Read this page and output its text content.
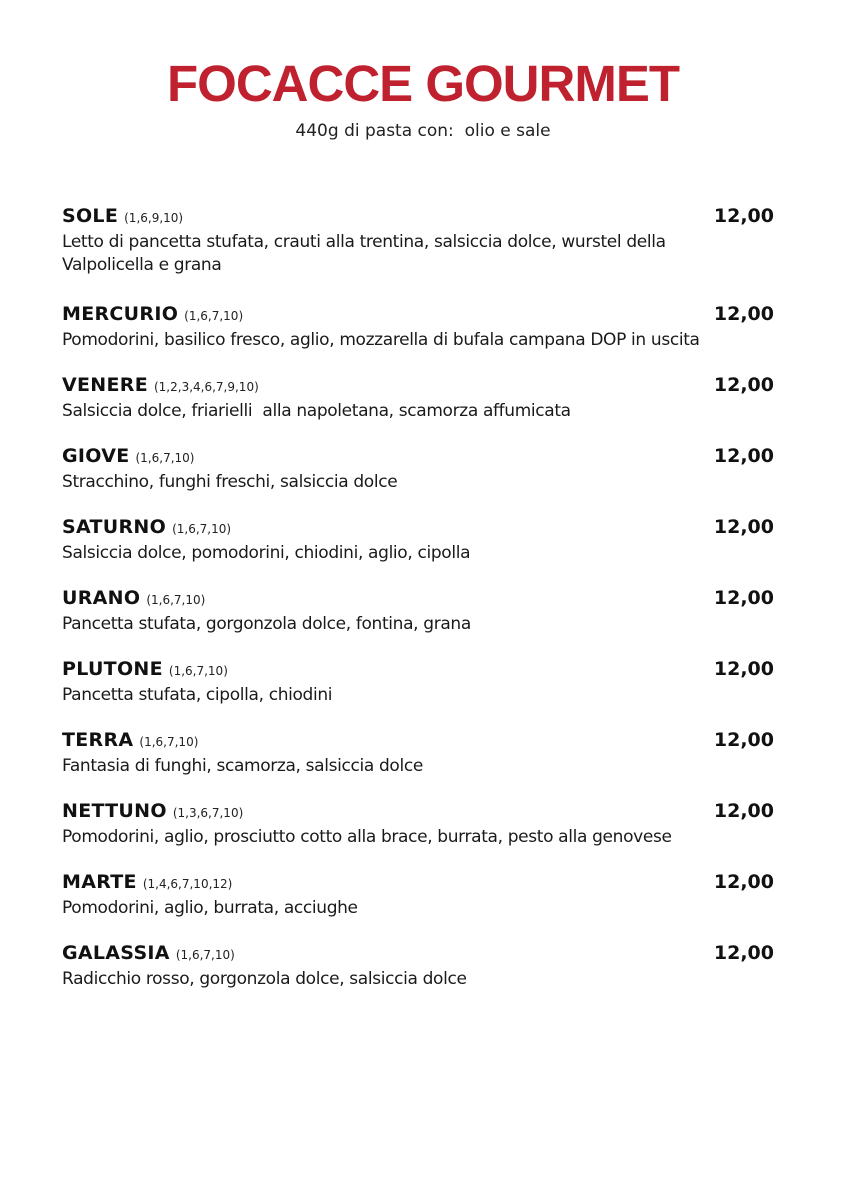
FOCACCE GOURMET
440g di pasta con:  olio e sale
SOLE (1,6,9,10)	12,00
Letto di pancetta stufata, crauti alla trentina, salsiccia dolce, wurstel della Valpolicella e grana
MERCURIO (1,6,7,10)	12,00
Pomodorini, basilico fresco, aglio, mozzarella di bufala campana DOP in uscita
VENERE (1,2,3,4,6,7,9,10)	12,00
Salsiccia dolce, friarielli  alla napoletana, scamorza affumicata
GIOVE (1,6,7,10)	12,00
Stracchino, funghi freschi, salsiccia dolce
SATURNO (1,6,7,10)	12,00
Salsiccia dolce, pomodorini, chiodini, aglio, cipolla
URANO (1,6,7,10)	12,00
Pancetta stufata, gorgonzola dolce, fontina, grana
PLUTONE (1,6,7,10)	12,00
Pancetta stufata, cipolla, chiodini
TERRA (1,6,7,10)	12,00
Fantasia di funghi, scamorza, salsiccia dolce
NETTUNO (1,3,6,7,10)	12,00
Pomodorini, aglio, prosciutto cotto alla brace, burrata, pesto alla genovese
MARTE (1,4,6,7,10,12)	12,00
Pomodorini, aglio, burrata, acciughe
GALASSIA (1,6,7,10)	12,00
Radicchio rosso, gorgonzola dolce, salsiccia dolce
